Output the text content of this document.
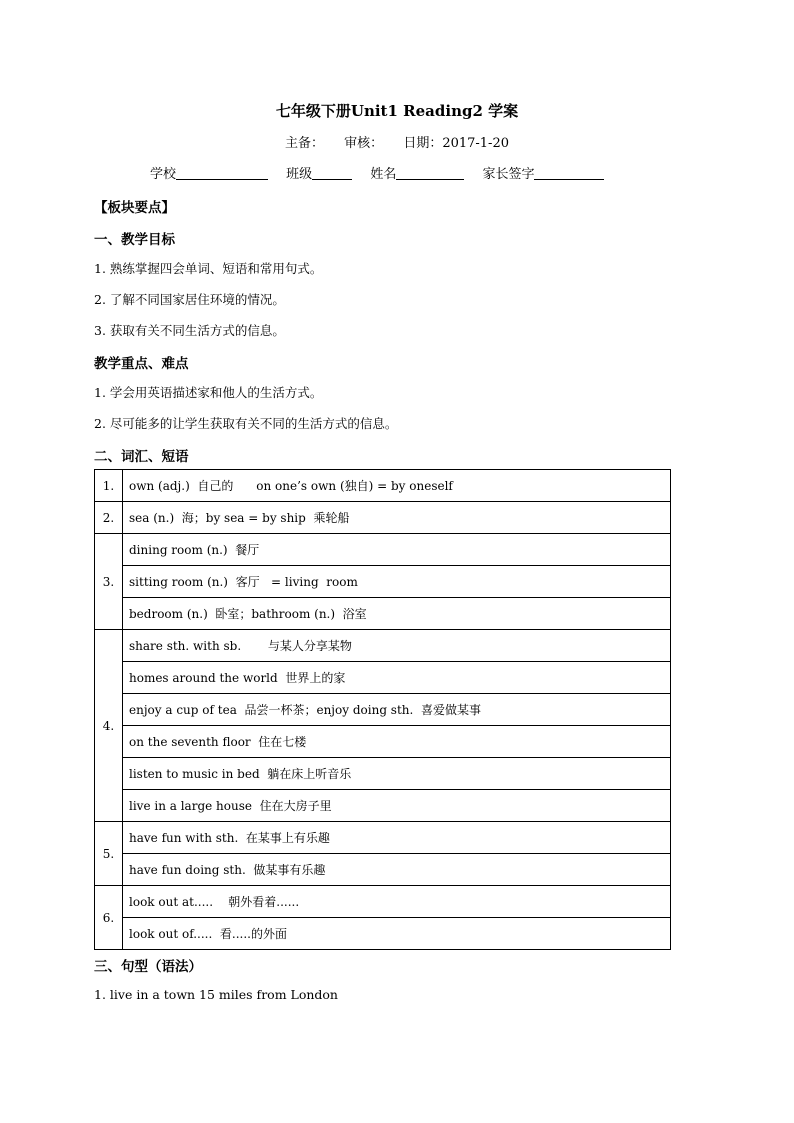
七年级下册Unit1 Reading2 学案
主备： 审核： 日期：2017-1-20
学校	班级	姓名	家长签字
【板块要点】
一、教学目标
1. 熟练掌握四会单词、短语和常用句式。
2. 了解不同国家居住环境的情况。
3. 获取有关不同生活方式的信息。
教学重点、难点
1. 学会用英语描述家和他人的生活方式。
2. 尽可能多的让学生获取有关不同的生活方式的信息。
二、词汇、短语
1.	own (adj.)  自己的      on one’s own (独自) = by oneself
2.	sea (n.)  海；by sea = by ship  乘轮船
3.	dining room (n.)  餐厅
	sitting room (n.)  客厅   = living  room
	bedroom (n.)  卧室；bathroom (n.)  浴室
4.	share sth. with sb.       与某人分享某物
	homes around the world  世界上的家
	enjoy a cup of tea  品尝一杯茶；enjoy doing sth.  喜爱做某事
	on the seventh floor  住在七楼
	listen to music in bed  躺在床上听音乐
	live in a large house  住在大房子里
5.	have fun with sth.  在某事上有乐趣
	have fun doing sth.  做某事有乐趣
6.	look out at.....    朝外看着......
	look out of.....  看.....的外面
三、句型（语法）
1. live in a town 15 miles from London
